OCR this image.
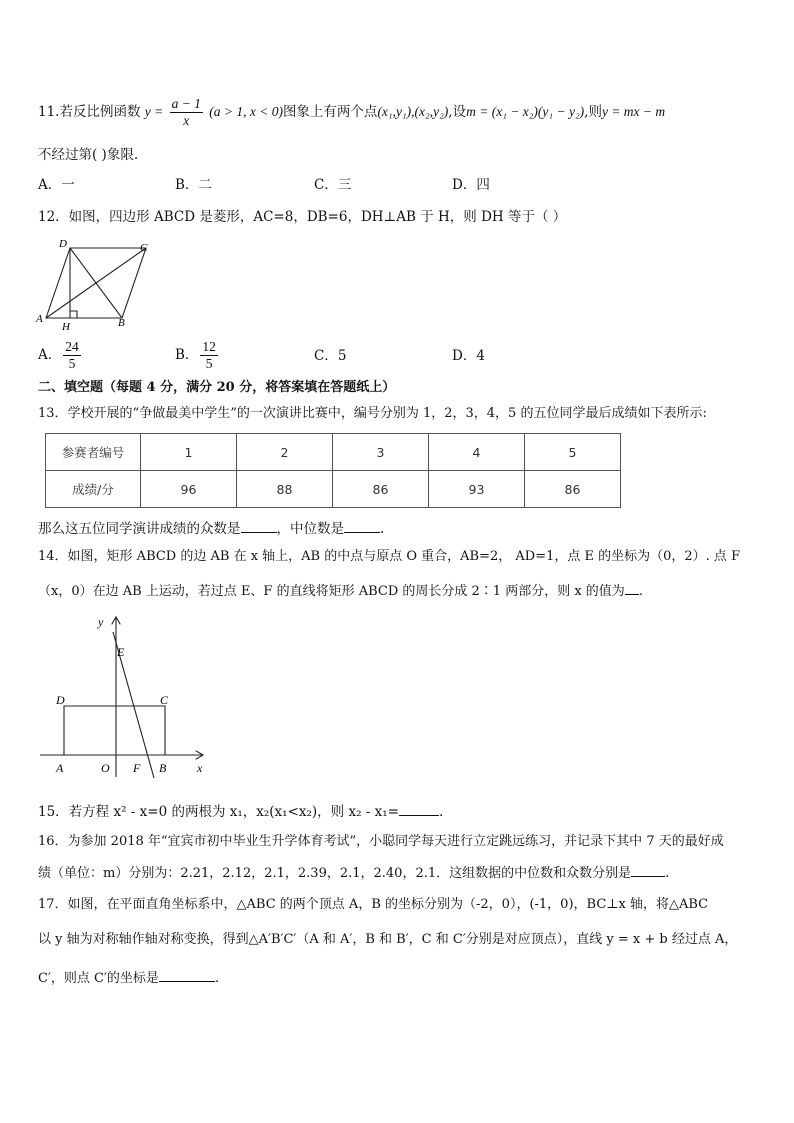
11.若反比例函数 $y = \frac{a - 1}{x} (a > 1$, x < 0)图象上有两个点(x₁,y₁),(x₂,y₂),设m = (x₁ − x₂)(y₁ − y₂),则y = mx − m
不经过第( )象限.
A．一	B．二	C．三	D．四
12．如图，四边形 ABCD 是菱形，AC=8，DB=6，DH⊥AB 于 H，则 DH 等于（ ）
D	C
A
H	B
A． $\frac{24}{5}$	B． $\frac{12}{5}$	C．5	D．4
二、填空题（每题 4 分，满分 20 分，将答案填在答题纸上）
13．学校开展的“争做最美中学生”的一次演讲比赛中，编号分别为 1，2，3，4，5 的五位同学最后成绩如下表所示:
参赛者编号	1	2	3	4	5
成绩/分	96	88	86	93	86
那么这五位同学演讲成绩的众数是	，中位数是	.
14．如图，矩形 ABCD 的边 AB 在 x 轴上，AB 的中点与原点 O 重合，AB=2， AD=1，点 E 的坐标为（0，2）. 点 F
（x，0）在边 AB 上运动，若过点 E、F 的直线将矩形 ABCD 的周长分成 2∶1 两部分，则 x 的值为 .
y
E
D	C
A	O F B	x
15．若方程 x² - x=0 的两根为 x₁，x₂(x₁<x₂)，则 x₂ - x₁=	.
16．为参加 2018 年“宜宾市初中毕业生升学体育考试”，小聪同学每天进行立定跳远练习，并记录下其中 7 天的最好成
绩（单位：m）分别为：2.21，2.12，2.1，2.39，2.1，2.40，2.1．这组数据的中位数和众数分别是	.
17．如图，在平面直角坐标系中，△ABC 的两个顶点 A，B 的坐标分别为（-2，0），(-1，0)，BC⊥x 轴，将△ABC
以 y 轴为对称轴作轴对称变换，得到△A′B′C′（A 和 A′，B 和 B′，C 和 C′分别是对应顶点），直线 y = x + b 经过点 A，
C′，则点 C′的坐标是	.
